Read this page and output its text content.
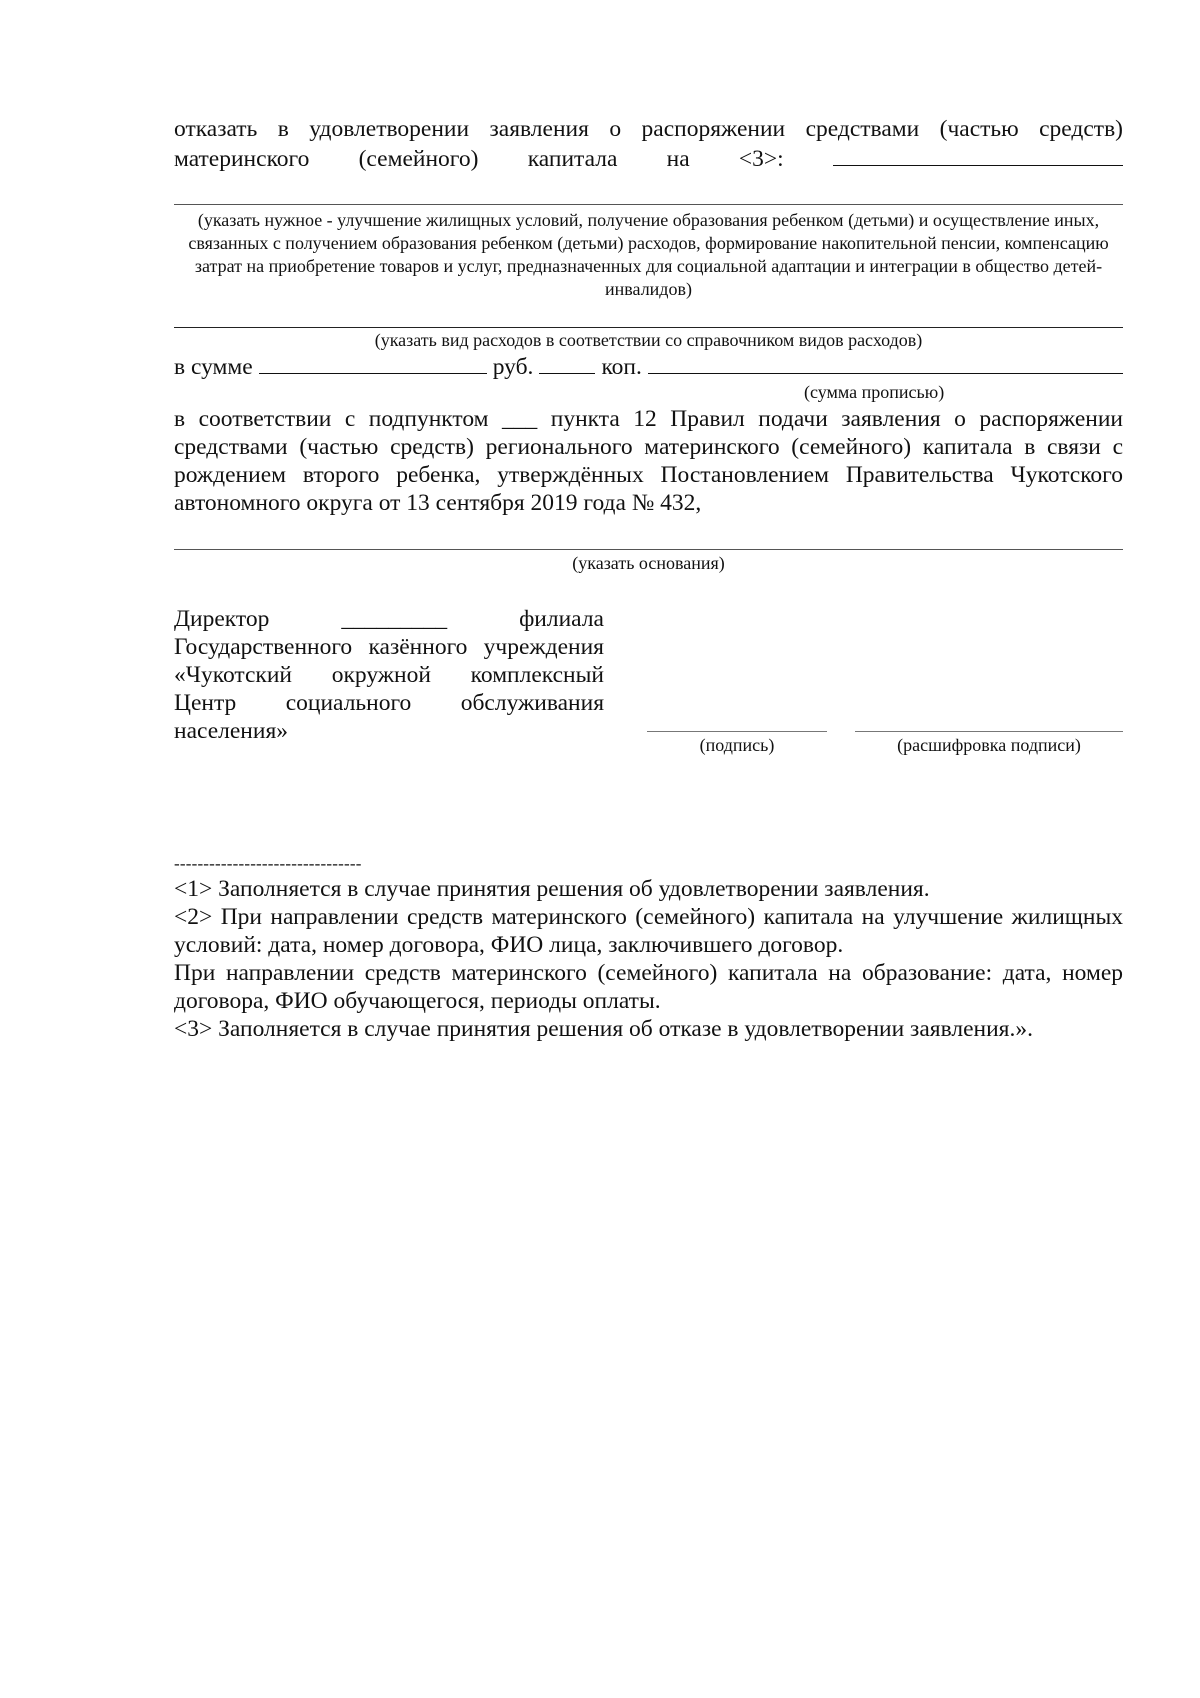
отказать в удовлетворении заявления о распоряжении средствами (частью средств)
материнского (семейного) капитала на <3>:
(указать нужное - улучшение жилищных условий, получение образования ребенком (детьми) и осуществление иных, связанных с получением образования ребенком (детьми) расходов, формирование накопительной пенсии, компенсацию затрат на приобретение товаров и услуг, предназначенных для социальной адаптации и интеграции в общество детей-инвалидов)
(указать вид расходов в соответствии со справочником видов расходов)
в сумме	руб.	коп.
(сумма прописью)
в соответствии с подпунктом ___ пункта 12 Правил подачи заявления о распоряжении средствами (частью средств) регионального материнского (семейного) капитала в связи с рождением второго ребенка, утверждённых Постановлением Правительства Чукотского автономного округа от 13 сентября 2019 года № 432,
(указать основания)
Директор	_________	филиала
Государственного казённого учреждения
«Чукотский окружной комплексный
Центр социального обслуживания
населения»
(подпись)	(расшифровка подписи)
--------------------------------
<1> Заполняется в случае принятия решения об удовлетворении заявления.
<2> При направлении средств материнского (семейного) капитала на улучшение жилищных условий: дата, номер договора, ФИО лица, заключившего договор.
При направлении средств материнского (семейного) капитала на образование: дата, номер договора, ФИО обучающегося, периоды оплаты.
<3> Заполняется в случае принятия решения об отказе в удовлетворении заявления.».
